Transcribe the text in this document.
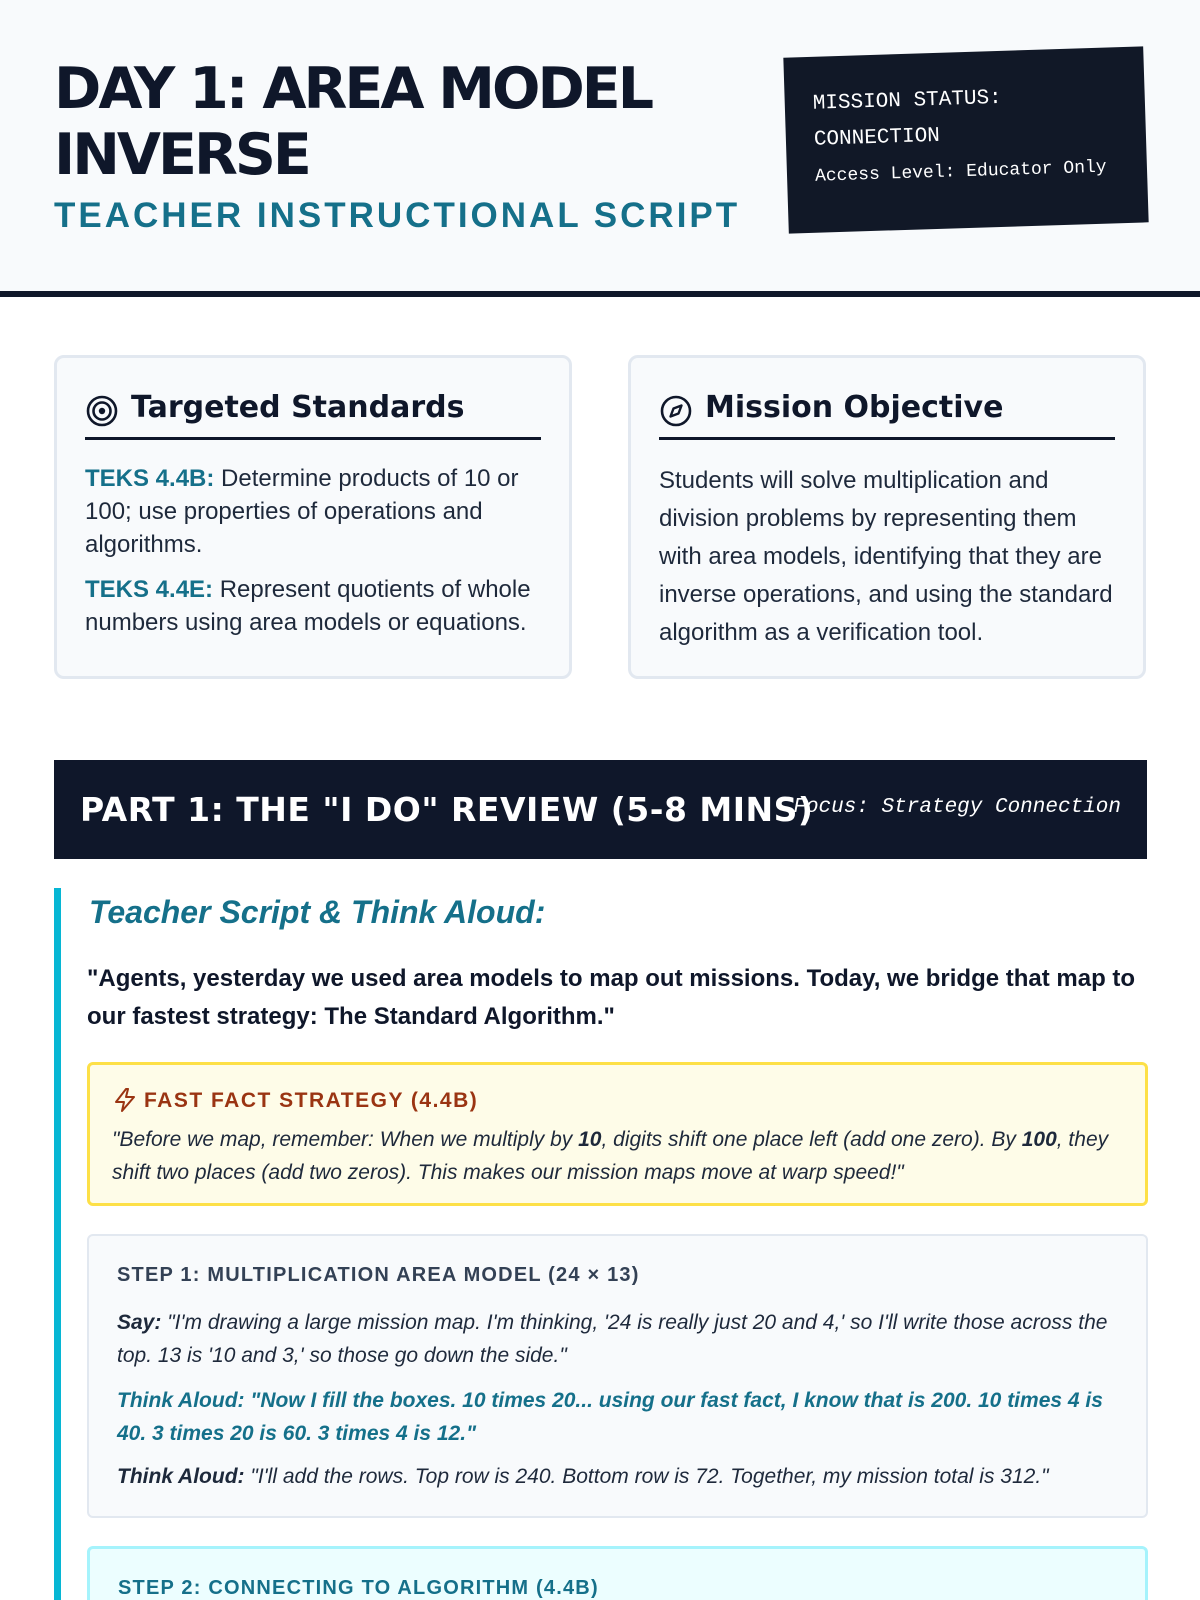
DAY 1: AREA MODEL INVERSE
TEACHER INSTRUCTIONAL SCRIPT
MISSION STATUS:
CONNECTION
Access Level: Educator Only
Targeted Standards
TEKS 4.4B: Determine products of 10 or 100; use properties of operations and algorithms.
TEKS 4.4E: Represent quotients of whole numbers using area models or equations.
Mission Objective
Students will solve multiplication and division problems by representing them with area models, identifying that they are inverse operations, and using the standard algorithm as a verification tool.
PART 1: THE "I DO" REVIEW (5-8 MINS)
Focus: Strategy Connection
Teacher Script & Think Aloud:
"Agents, yesterday we used area models to map out missions. Today, we bridge that map to our fastest strategy: The Standard Algorithm."
FAST FACT STRATEGY (4.4B)
"Before we map, remember: When we multiply by 10, digits shift one place left (add one zero). By 100, they shift two places (add two zeros). This makes our mission maps move at warp speed!"
STEP 1: MULTIPLICATION AREA MODEL (24 × 13)
Say: "I'm drawing a large mission map. I'm thinking, '24 is really just 20 and 4,' so I'll write those across the top. 13 is '10 and 3,' so those go down the side."
Think Aloud: "Now I fill the boxes. 10 times 20... using our fast fact, I know that is 200. 10 times 4 is 40. 3 times 20 is 60. 3 times 4 is 12."
Think Aloud: "I'll add the rows. Top row is 240. Bottom row is 72. Together, my mission total is 312."
STEP 2: CONNECTING TO ALGORITHM (4.4B)
